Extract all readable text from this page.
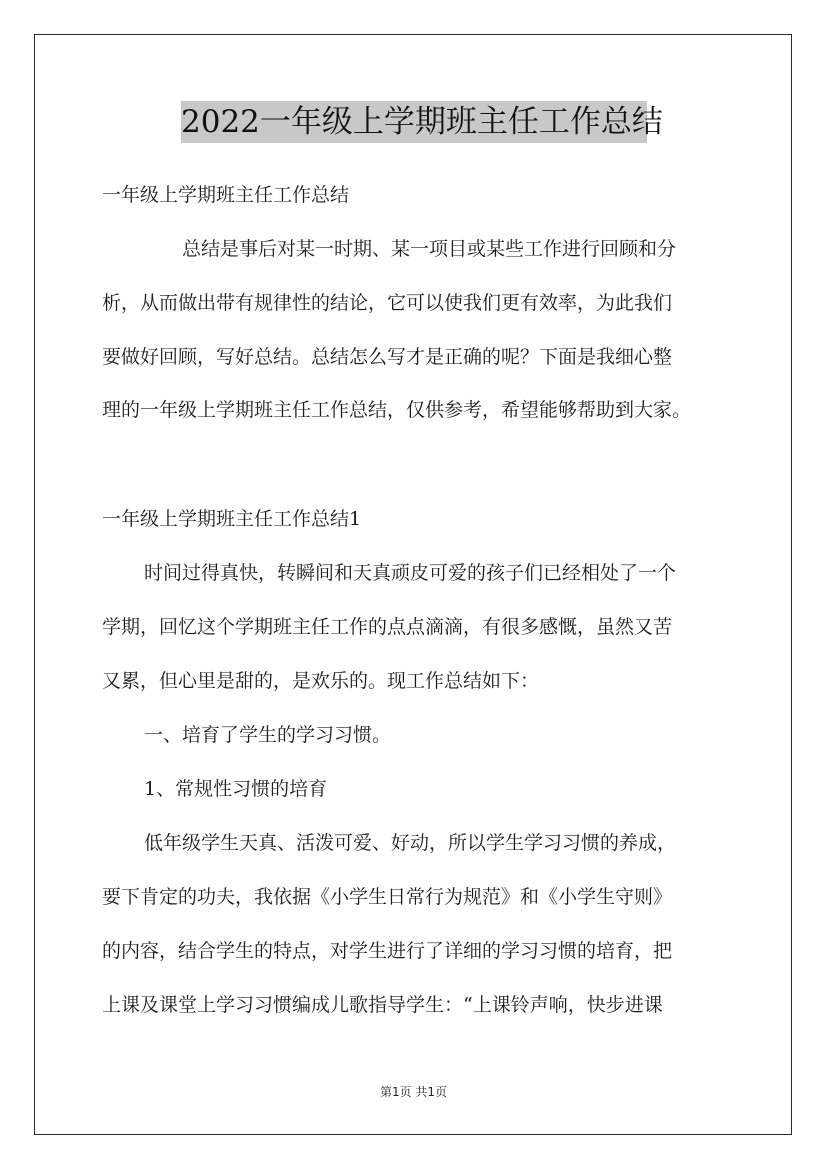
2022一年级上学期班主任工作总结
一年级上学期班主任工作总结
总结是事后对某一时期、某一项目或某些工作进行回顾和分
析，从而做出带有规律性的结论，它可以使我们更有效率，为此我们
要做好回顾，写好总结。总结怎么写才是正确的呢？下面是我细心整
理的一年级上学期班主任工作总结，仅供参考，希望能够帮助到大家。
一年级上学期班主任工作总结1
时间过得真快，转瞬间和天真顽皮可爱的孩子们已经相处了一个
学期，回忆这个学期班主任工作的点点滴滴，有很多感慨，虽然又苦
又累，但心里是甜的，是欢乐的。现工作总结如下：
一、培育了学生的学习习惯。
1、常规性习惯的培育
低年级学生天真、活泼可爱、好动，所以学生学习习惯的养成，
要下肯定的功夫，我依据《小学生日常行为规范》和《小学生守则》
的内容，结合学生的特点，对学生进行了详细的学习习惯的培育，把
上课及课堂上学习习惯编成儿歌指导学生：“上课铃声响，快步进课
第1页 共1页
